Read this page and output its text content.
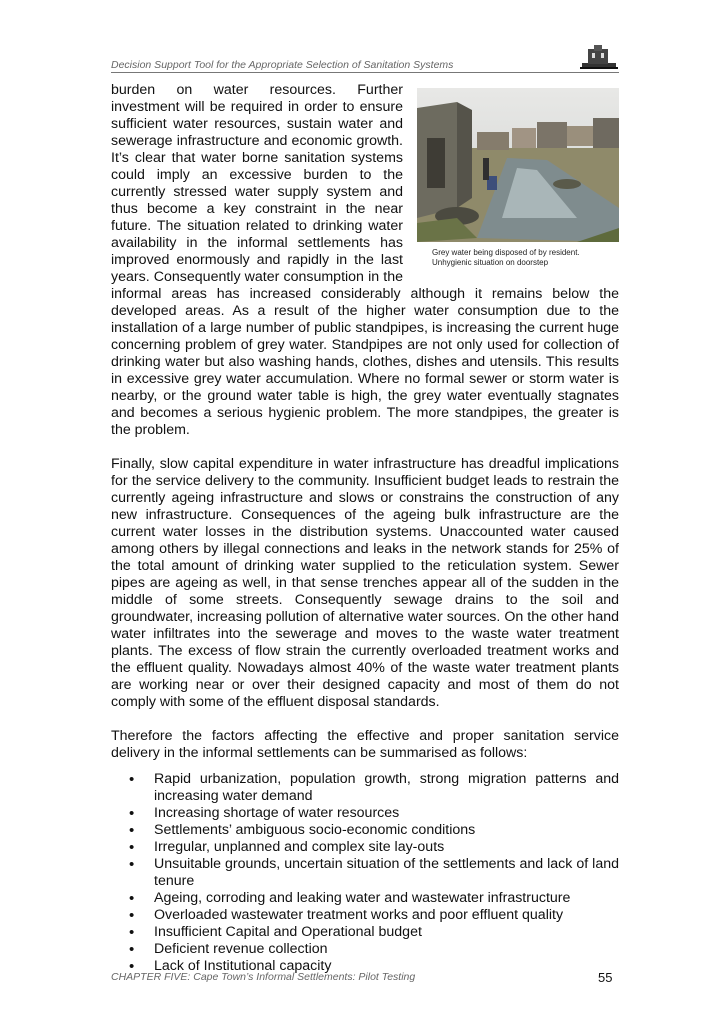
Decision Support Tool for the Appropriate Selection of Sanitation Systems

Grey water being disposed of by resident. Unhygienic situation on doorstep
burden on water resources. Further investment will be required in order to ensure sufficient water resources, sustain water and sewerage infrastructure and economic growth. It’s clear that water borne sanitation systems could imply an excessive burden to the currently stressed water supply system and thus become a key constraint in the near future. The situation related to drinking water availability in the informal settlements has improved enormously and rapidly in the last years. Consequently water consumption in the informal areas has increased considerably although it remains below the developed areas. As a result of the higher water consumption due to the installation of a large number of public standpipes, is increasing the current huge concerning problem of grey water. Standpipes are not only used for collection of drinking water but also washing hands, clothes, dishes and utensils. This results in excessive grey water accumulation. Where no formal sewer or storm water is nearby, or the ground water table is high, the grey water eventually stagnates and becomes a serious hygienic problem. The more standpipes, the greater is the problem.

Finally, slow capital expenditure in water infrastructure has dreadful implications for the service delivery to the community. Insufficient budget leads to restrain the currently ageing infrastructure and slows or constrains the construction of any new infrastructure. Consequences of the ageing bulk infrastructure are the current water losses in the distribution systems. Unaccounted water caused among others by illegal connections and leaks in the network stands for 25% of the total amount of drinking water supplied to the reticulation system. Sewer pipes are ageing as well, in that sense trenches appear all of the sudden in the middle of some streets. Consequently sewage drains to the soil and groundwater, increasing pollution of alternative water sources. On the other hand water infiltrates into the sewerage and moves to the waste water treatment plants. The excess of flow strain the currently overloaded treatment works and the effluent quality. Nowadays almost 40% of the waste water treatment plants are working near or over their designed capacity and most of them do not comply with some of the effluent disposal standards.

Therefore the factors affecting the effective and proper sanitation service delivery in the informal settlements can be summarised as follows:

• Rapid urbanization, population growth, strong migration patterns and increasing water demand
• Increasing shortage of water resources
• Settlements’ ambiguous socio-economic conditions
• Irregular, unplanned and complex site lay-outs
• Unsuitable grounds, uncertain situation of the settlements and lack of land tenure
• Ageing, corroding and leaking water and wastewater infrastructure
• Overloaded wastewater treatment works and poor effluent quality
• Insufficient Capital and Operational budget
• Deficient revenue collection
• Lack of Institutional capacity
CHAPTER FIVE: Cape Town’s Informal Settlements: Pilot Testing	55
